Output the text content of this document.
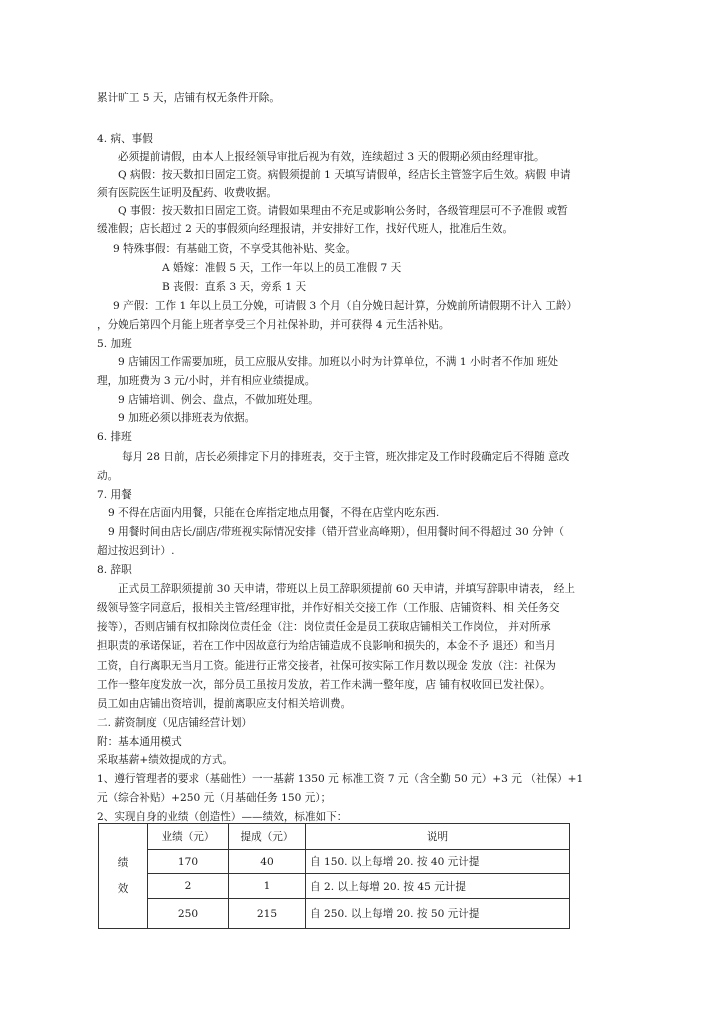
累计旷工 5 天，店铺有权无条件开除。
4. 病、事假
必须提前请假，由本人上报经领导审批后视为有效，连续超过 3 天的假期必须由经理审批。
Q 病假：按天数扣日固定工资。病假须提前 1 天填写请假单，经店长主管签字后生效。病假 申请
须有医院医生证明及配药、收费收据。
Q 事假：按天数扣日固定工资。请假如果理由不充足或影响公务时，各级管理层可不予准假 或暂
缓准假；店长超过 2 天的事假须向经理报请，并安排好工作，找好代班人，批准后生效。
9 特殊事假：有基础工资，不享受其他补贴、奖金。
A 婚嫁：准假 5 天，工作一年以上的员工准假 7 天
B 丧假：直系 3 天，旁系 1 天
9 产假：工作 1 年以上员工分娩，可请假 3 个月（自分娩日起计算，分娩前所请假期不计入 工龄）
，分娩后第四个月能上班者享受三个月社保补助，并可获得 4 元生活补贴。
5. 加班
9 店铺因工作需要加班，员工应服从安排。加班以小时为计算单位，不满 1 小时者不作加 班处
理，加班费为 3 元/小时，并有相应业绩提成。
9 店铺培训、例会、盘点，不做加班处理。
9 加班必须以排班表为依据。
6. 排班
每月 28 日前，店长必须排定下月的排班表，交于主管，班次排定及工作时段确定后不得随 意改
动。
7. 用餐
9 不得在店面内用餐，只能在仓库指定地点用餐，不得在店堂内吃东西.
9 用餐时间由店长/副店/带班视实际情况安排（错开营业高峰期），但用餐时间不得超过 30 分钟（
超过按迟到计）.
8. 辞职
正式员工辞职须提前 30 天申请，带班以上员工辞职须提前 60 天申请，并填写辞职申请表， 经上
级领导签字同意后，报相关主管/经理审批，并作好相关交接工作（工作服、店铺资料、相 关任务交
接等），否则店铺有权扣除岗位责任金（注：岗位责任金是员工获取店铺相关工作岗位， 并对所承
担职责的承诺保证，若在工作中因故意行为给店铺造成不良影响和损失的，本金不予 退还）和当月
工资，自行离职无当月工资。能进行正常交接者，社保可按实际工作月数以现金 发放（注：社保为
工作一整年度发放一次，部分员工虽按月发放，若工作未满一整年度，店 铺有权收回已发社保）。
员工如由店铺出资培训，提前离职应支付相关培训费。
二. 薪资制度（见店铺经营计划）
附：基本通用模式
采取基薪+绩效提成的方式。
1、遵行管理者的要求（基础性）一一基薪 1350 元 标准工资 7 元（含全勤 50 元）+3 元 （社保）+1
元（综合补贴）+250 元（月基础任务 150 元）；
2、实现自身的业绩（创造性）——绩效，标准如下：
绩
效	业绩（元）	提成（元）	说明
	170	40	自 150. 以上每增 20. 按 40 元计提
	2	1	自 2. 以上每增 20. 按 45 元计提
	250	215	自 250. 以上每增 20. 按 50 元计提
